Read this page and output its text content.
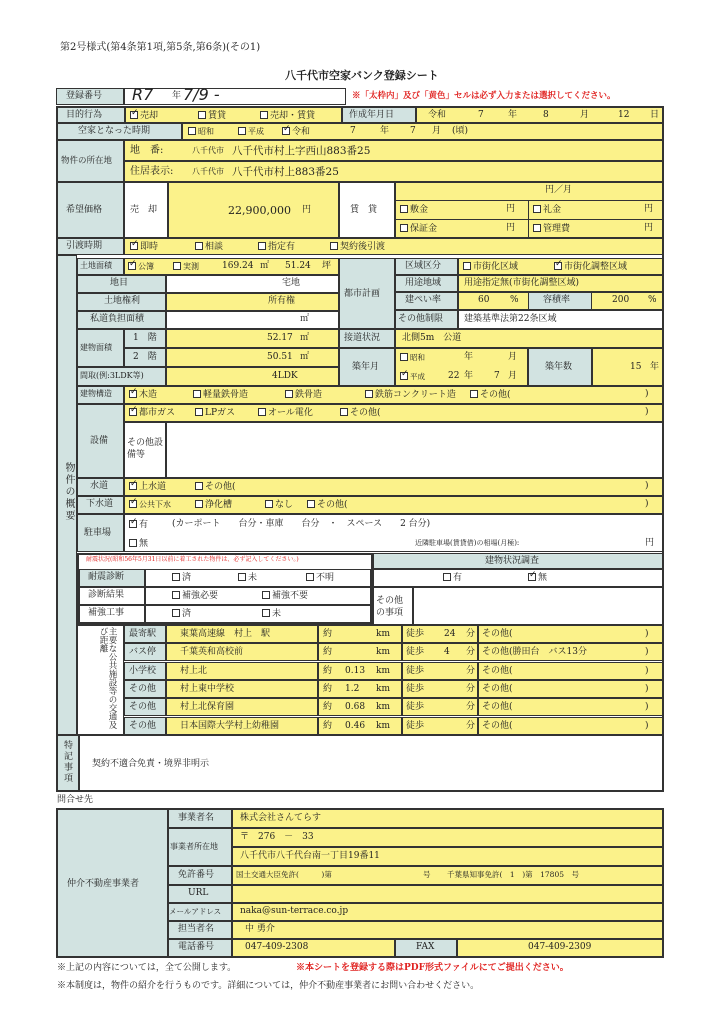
第2号様式(第4条第1項,第5条,第6条)(その1)
八千代市空家バンク登録シート
登録番号 R7 年 7/9 -	※「太枠内」及び「黄色」セルは必ず入力または選択してください。
目的行為 ✓	売却	賃貸	売却・賃貸	作成年月日	令和	7	年	8	月	12 日
空家となった時期	昭和	平成 ✓	令和	7	年 7 月 (頃)
物件の所在地
地　番:	八千代市 八千代市村上字西山883番25
住居表示: 八千代市 八千代市村上883番25
希望価格	売　却	22,900,000 円	賃　貸
円／月
敷金	円	礼金	円
保証金	円	管理費	円
引渡時期 ✓	即時	相談	指定有	契約後引渡
物件の概要
土地面積 ✓	公簿	実測	169.24 ㎡ 51.24 坪
地目	宅地
土地権利	所有権
私道負担面積	㎡
都市計画
区域区分	市街化区域 ✓	市街化調整区域
用途地域	用途指定無(市街化調整区域)
建ぺい率	60 %	容積率	200 %
その他制限 建築基準法第22条区域
建物面積
1　階	52.17 ㎡
2　階	50.51 ㎡
接道状況 北側5m　公道
築年月
昭和	年	月
✓平成	22 年 7 月
築年数	15 年
間取(例:3LDK等)	4LDK
建物構造 ✓	木造	軽量鉄骨造	鉄骨造	鉄筋コンクリート造	その他(	)
設備
✓都市ガス	LPガス	オール電化	その他(	)
その他設備等
水道 ✓	上水道	その他(	)
下水道 ✓	公共下水	浄化槽	なし	その他(	)
駐車場
✓有	(カーポート　　台分・車庫　　台分　・　スペース　　2 台分)
無	近隣駐車場(賃貸借)の相場(月極):	円
耐震状況(昭和56年5月31日以前に着工された物件は、必ず記入してください。)
耐震診断	済	未	不明
診断結果	補強必要	補強不要
補強工事	済	未
建物状況調査
有 ✓	無
その他の事項
主要な公共施設等の交通及び距離	最寄駅	東葉高速線　村上　駅	約	km 徒歩 24 分 その他(	)
バス停	千葉英和高校前	約	km 徒歩 4 分 その他(勝田台　バス13分	)
小学校	村上北	約 0.13 km 徒歩	分 その他(	)
その他	村上東中学校	約 1.2 km 徒歩	分 その他(	)
その他	村上北保育園	約 0.68 km 徒歩	分 その他(	)
その他	日本国際大学村上幼稚園	約 0.46 km 徒歩	分 その他(	)
特記事項 契約不適合免責・境界非明示
問合せ先
仲介不動産事業者
事業者名	株式会社さんてらす
事業者所在地
〒　276　－　33
八千代市八千代台南一丁目19番11
免許番号	国土交通大臣免許(　　　)第	号 千葉県知事免許(　1　)第　17805　号
URL
メールアドレス naka@sun-terrace.co.jp
担当者名	中 勇介
電話番号	047-409-2308	FAX	047-409-2309
※上記の内容については，全て公開します。	※本シートを登録する際はPDF形式ファイルにてご提出ください。
※本制度は，物件の紹介を行うものです。詳細については，仲介不動産事業者にお問い合わせください。
